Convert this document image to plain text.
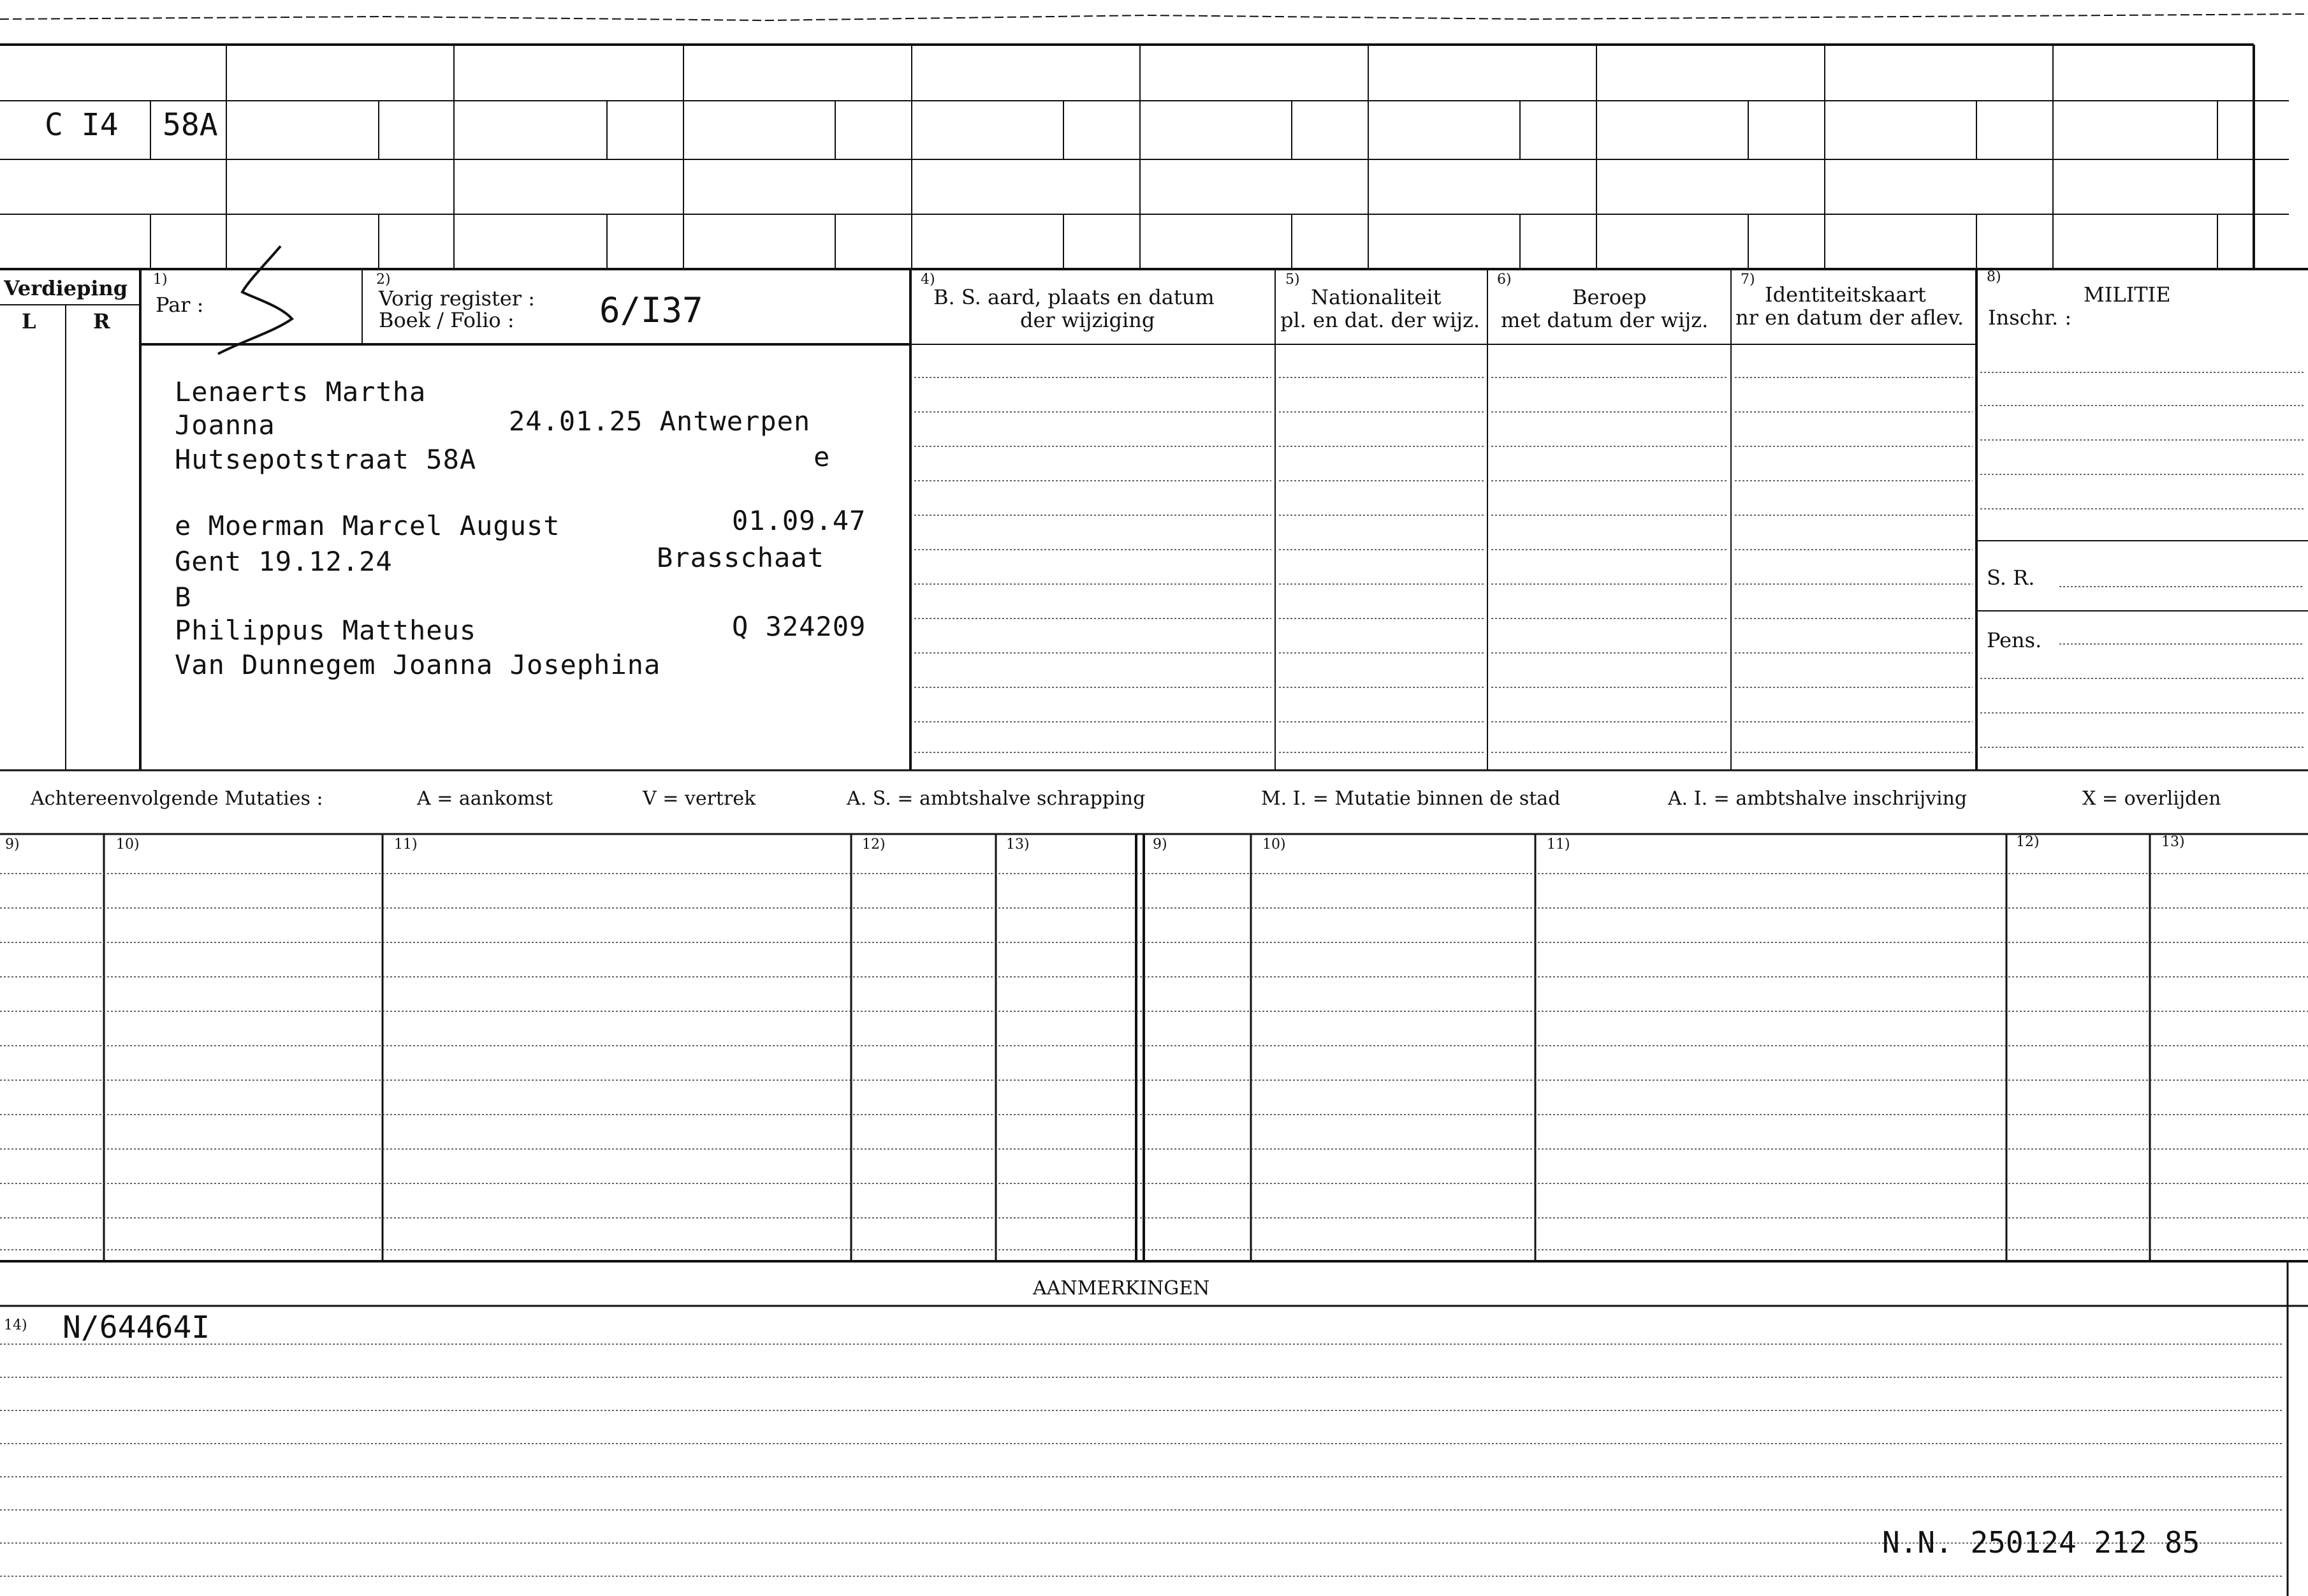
C I4 58A
Verdieping
L	R
1)
Par :
2)
Vorig register :
Boek / Folio : 6/I37
4)
B. S. aard, plaats en datum
der wijziging
5)
Nationaliteit
pl. en dat. der wijz.
6)
Beroep
met datum der wijz.
7)
Identiteitskaart
nr en datum der aflev.
8)
MILITIE
Inschr. :
S. R.
Pens.
Lenaerts Martha
Joanna	24.01.25 Antwerpen
Hutsepotstraat 58A	e
e Moerman Marcel August	01.09.47
Gent 19.12.24	Brasschaat
B
Philippus Mattheus	Q 324209
Van Dunnegem Joanna Josephina
Achtereenvolgende Mutaties :	A = aankomst	V = vertrek	A. S. = ambtshalve schrapping	M. I. = Mutatie binnen de stad	A. I. = ambtshalve inschrijving	X = overlijden
9)	10)	11)	12)	13)	9)	10)	11)	12)	13)
AANMERKINGEN
14) N/64464I
N.N. 250124 212 85
